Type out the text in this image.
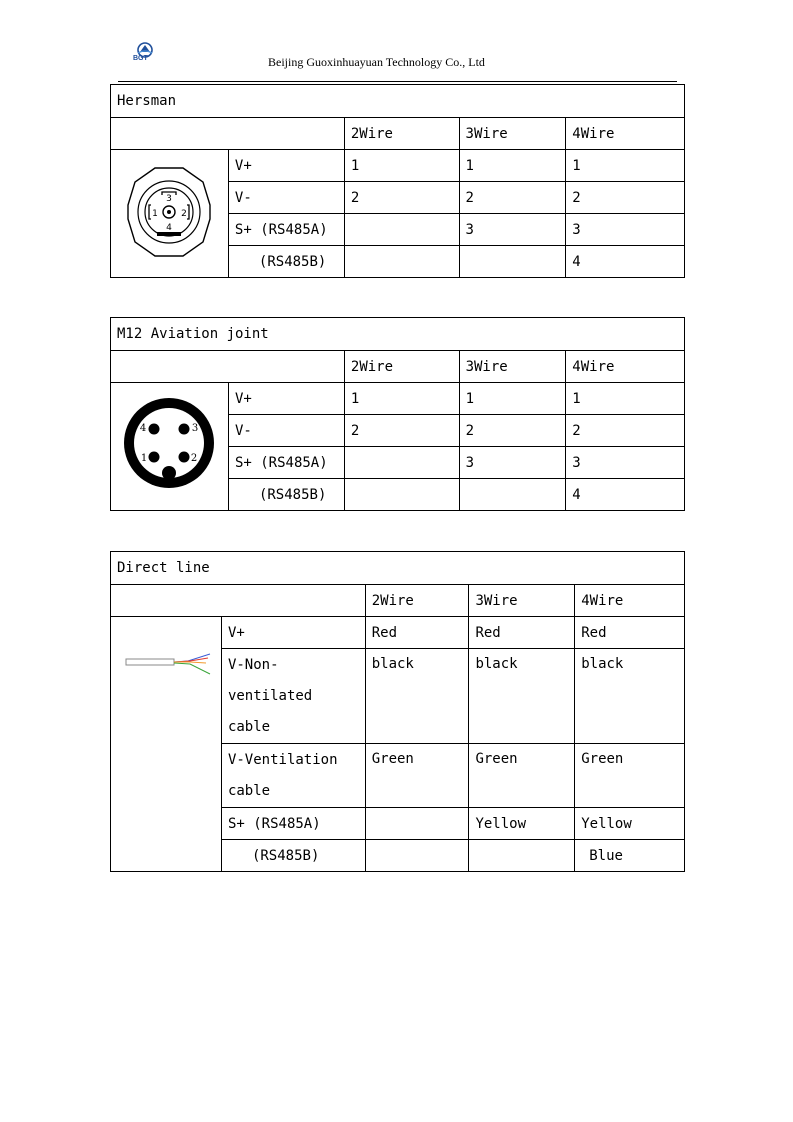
BGT	Beijing Guoxinhuayuan Technology Co., Ltd
Hersman				
		2Wire	3Wire	4Wire

3
1 2
4	V+	1	1	1
	V-	2	2	2
	S+ (RS485A)		3	3
	(RS485B)			4
M12 Aviation joint				
		2Wire	3Wire	4Wire

1 2
3
4	V+	1	1	1
	V-	2	2	2
	S+ (RS485A)		3	3
	(RS485B)			4
Direct line				
		2Wire	3Wire	4Wire
	V+	Red	Red	Red
	V-Non-ventilated cable	black	black	black
	V-Ventilation cable	Green	Green	Green
	S+ (RS485A)		Yellow	Yellow
	(RS485B)			Blue
